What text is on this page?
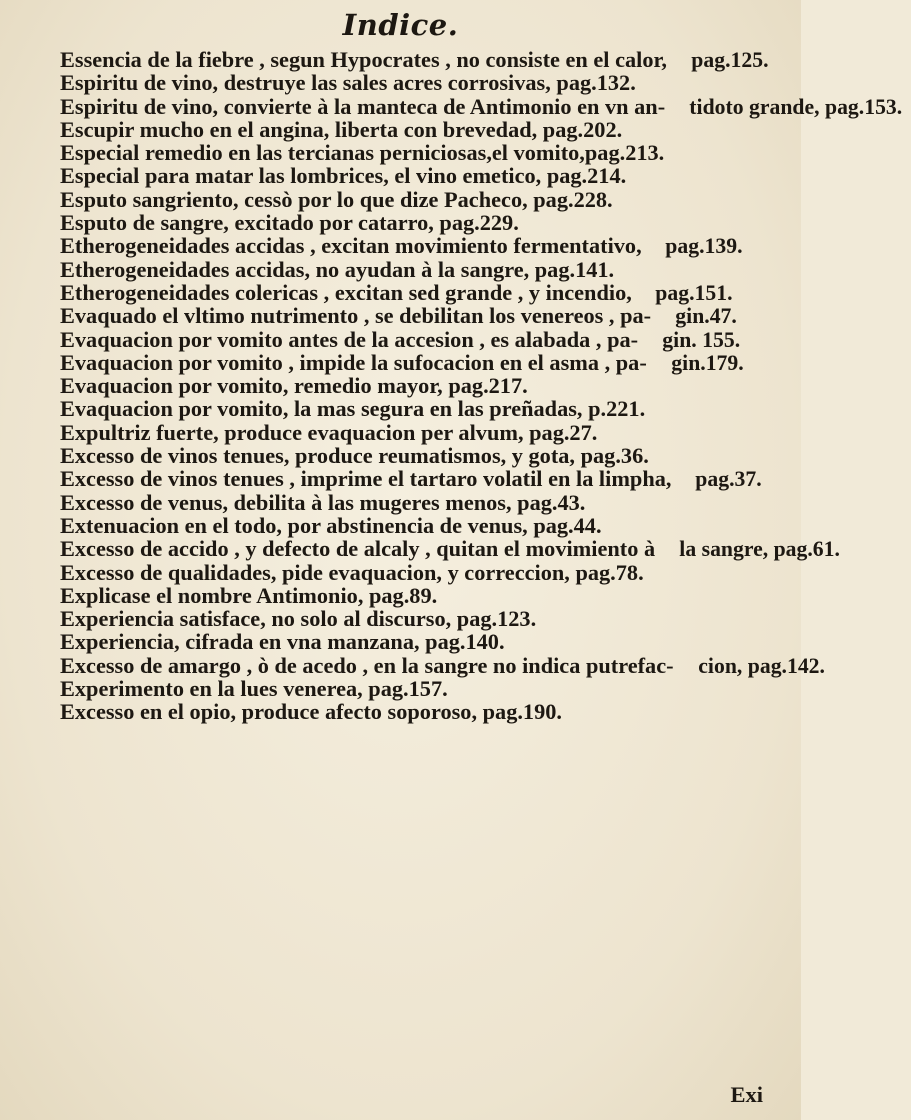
Indice.
Essencia de la fiebre , segun Hypocrates , no consiste en el calor, pag.125.
Espiritu de vino, destruye las sales acres corrosivas, pag.132.
Espiritu de vino, convierte à la manteca de Antimonio en vn an- tidoto grande, pag.153.
Escupir mucho en el angina, liberta con brevedad, pag.202.
Especial remedio en las tercianas perniciosas,el vomito,pag.213.
Especial para matar las lombrices, el vino emetico, pag.214.
Esputo sangriento, cessò por lo que dize Pacheco, pag.228.
Esputo de sangre, excitado por catarro, pag.229.
Etherogeneidades accidas , excitan movimiento fermentativo, pag.139.
Etherogeneidades accidas, no ayudan à la sangre, pag.141.
Etherogeneidades colericas , excitan sed grande , y incendio, pag.151.
Evaquado el vltimo nutrimento , se debilitan los venereos , pa- gin.47.
Evaquacion por vomito antes de la accesion , es alabada , pa- gin. 155.
Evaquacion por vomito , impide la sufocacion en el asma , pa- gin.179.
Evaquacion por vomito, remedio mayor, pag.217.
Evaquacion por vomito, la mas segura en las preñadas, p.221.
Expultriz fuerte, produce evaquacion per alvum, pag.27.
Excesso de vinos tenues, produce reumatismos, y gota, pag.36.
Excesso de vinos tenues , imprime el tartaro volatil en la limpha, pag.37.
Excesso de venus, debilita à las mugeres menos, pag.43.
Extenuacion en el todo, por abstinencia de venus, pag.44.
Excesso de accido , y defecto de alcaly , quitan el movimiento à la sangre, pag.61.
Excesso de qualidades, pide evaquacion, y correccion, pag.78.
Explicase el nombre Antimonio, pag.89.
Experiencia satisface, no solo al discurso, pag.123.
Experiencia, cifrada en vna manzana, pag.140.
Excesso de amargo , ò de acedo , en la sangre no indica putrefac- cion, pag.142.
Experimento en la lues venerea, pag.157.
Excesso en el opio, produce afecto soporoso, pag.190.
Exi
